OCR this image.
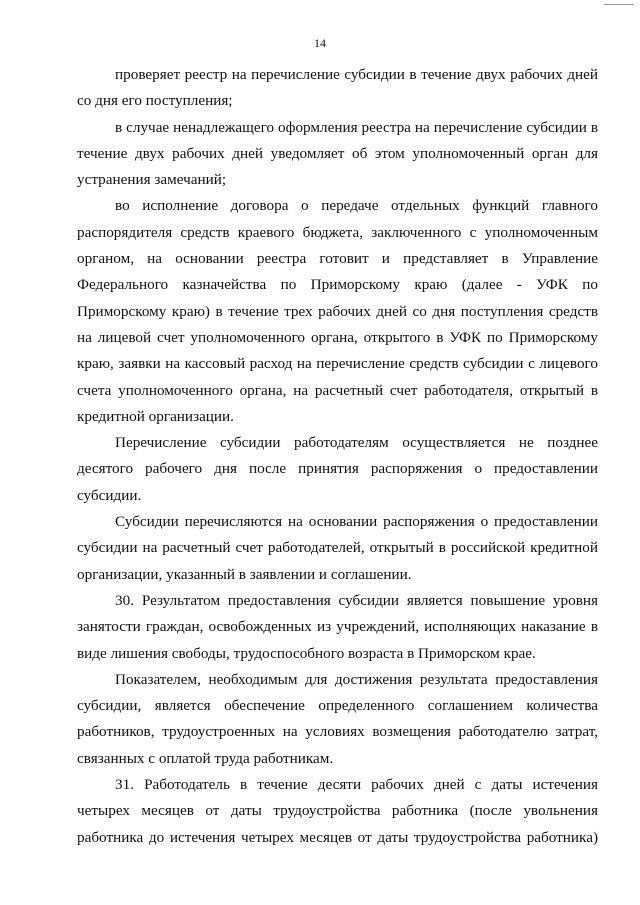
14

проверяет реестр на перечисление субсидии в течение двух рабочих дней со дня его поступления;

в случае ненадлежащего оформления реестра на перечисление субсидии в течение двух рабочих дней уведомляет об этом уполномоченный орган для устранения замечаний;

во исполнение договора о передаче отдельных функций главного распорядителя средств краевого бюджета, заключенного с уполномоченным органом, на основании реестра готовит и представляет в Управление Федерального казначейства по Приморскому краю (далее - УФК по Приморскому краю) в течение трех рабочих дней со дня поступления средств на лицевой счет уполномоченного органа, открытого в УФК по Приморскому краю, заявки на кассовый расход на перечисление средств субсидии с лицевого счета уполномоченного органа, на расчетный счет работодателя, открытый в кредитной организации.

Перечисление субсидии работодателям осуществляется не позднее десятого рабочего дня после принятия распоряжения о предоставлении субсидии.

Субсидии перечисляются на основании распоряжения о предоставлении субсидии на расчетный счет работодателей, открытый в российской кредитной организации, указанный в заявлении и соглашении.

30. Результатом предоставления субсидии является повышение уровня занятости граждан, освобожденных из учреждений, исполняющих наказание в виде лишения свободы, трудоспособного возраста в Приморском крае.

Показателем, необходимым для достижения результата предоставления субсидии, является обеспечение определенного соглашением количества работников, трудоустроенных на условиях возмещения работодателю затрат, связанных с оплатой труда работникам.

31. Работодатель в течение десяти рабочих дней с даты истечения четырех месяцев от даты трудоустройства работника (после увольнения работника до истечения четырех месяцев от даты трудоустройства работника)
